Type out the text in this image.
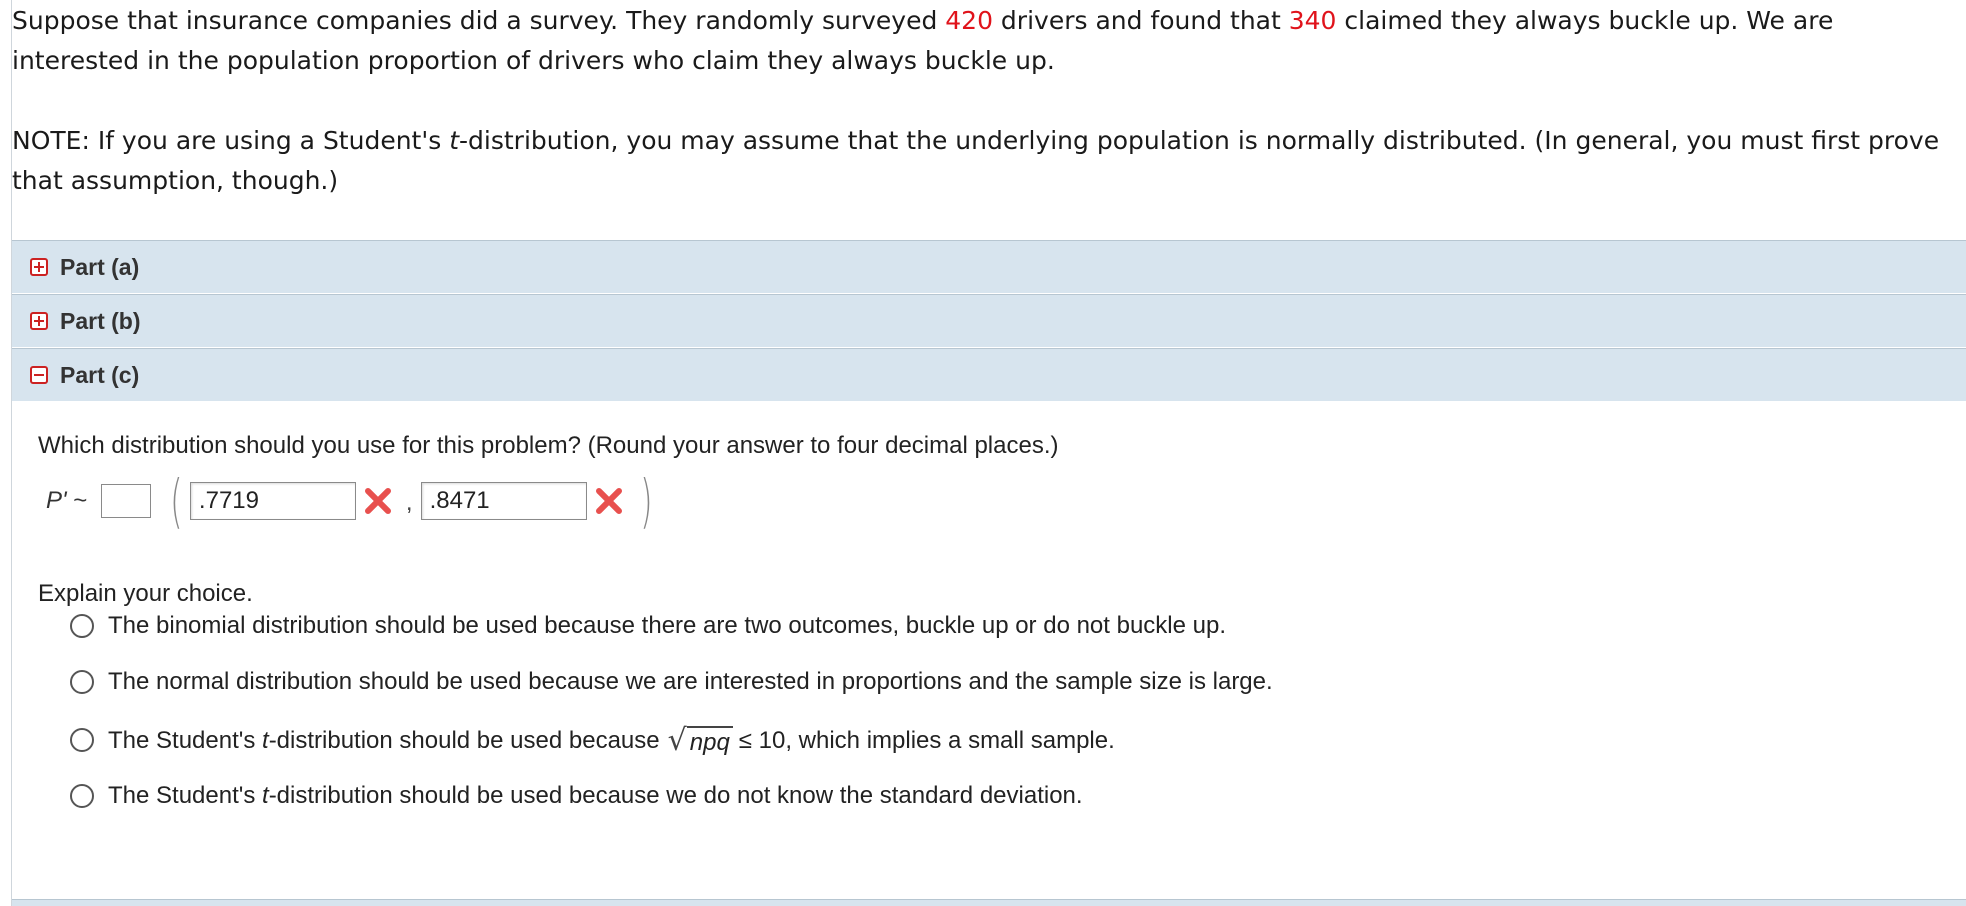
Suppose that insurance companies did a survey. They randomly surveyed 420 drivers and found that 340 claimed they always buckle up. We are interested in the population proportion of drivers who claim they always buckle up.

NOTE: If you are using a Student's t-distribution, you may assume that the underlying population is normally distributed. (In general, you must first prove that assumption, though.)

Part (a)
Part (b)
Part (c)
Which distribution should you use for this problem? (Round your answer to four decimal places.)
P' ~ (
.7719	,
.8471	)
Explain your choice.
The binomial distribution should be used because there are two outcomes, buckle up or do not buckle up.
The normal distribution should be used because we are interested in proportions and the sample size is large.
The Student's t-distribution should be used because √ npq ≤ 10, which implies a small sample.
The Student's t-distribution should be used because we do not know the standard deviation.
